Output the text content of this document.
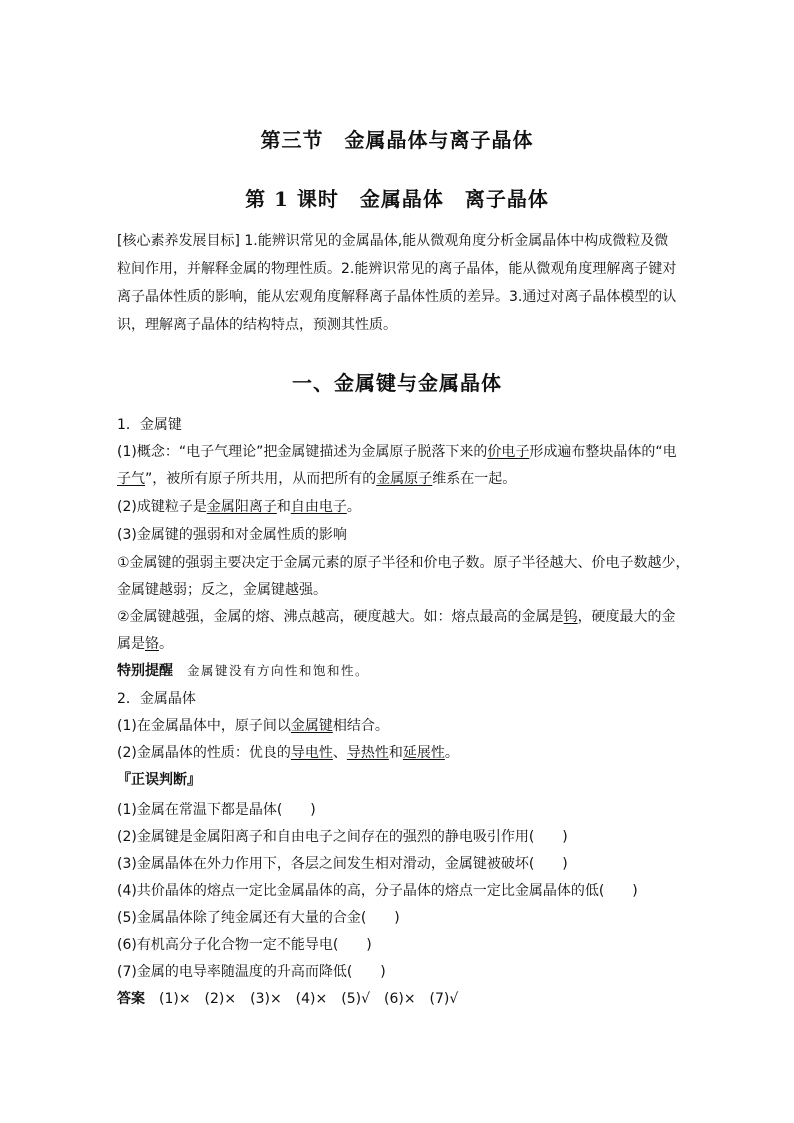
第三节　金属晶体与离子晶体
第 1 课时　金属晶体　离子晶体
[核心素养发展目标] 1.能辨识常见的金属晶体,能从微观角度分析金属晶体中构成微粒及微
粒间作用，并解释金属的物理性质。2.能辨识常见的离子晶体，能从微观角度理解离子键对
离子晶体性质的影响，能从宏观角度解释离子晶体性质的差异。3.通过对离子晶体模型的认
识，理解离子晶体的结构特点，预测其性质。
一、金属键与金属晶体
1．金属键
(1)概念：“电子气理论”把金属键描述为金属原子脱落下来的价电子形成遍布整块晶体的“电
子气”，被所有原子所共用，从而把所有的金属原子维系在一起。
(2)成键粒子是金属阳离子和自由电子。
(3)金属键的强弱和对金属性质的影响
①金属键的强弱主要决定于金属元素的原子半径和价电子数。原子半径越大、价电子数越少，
金属键越弱；反之，金属键越强。
②金属键越强，金属的熔、沸点越高，硬度越大。如：熔点最高的金属是钨，硬度最大的金
属是铬。
特别提醒　金属键没有方向性和饱和性。
2．金属晶体
(1)在金属晶体中，原子间以金属键相结合。
(2)金属晶体的性质：优良的导电性、导热性和延展性。
『正误判断』
(1)金属在常温下都是晶体(　　)
(2)金属键是金属阳离子和自由电子之间存在的强烈的静电吸引作用(　　)
(3)金属晶体在外力作用下，各层之间发生相对滑动，金属键被破坏(　　)
(4)共价晶体的熔点一定比金属晶体的高，分子晶体的熔点一定比金属晶体的低(　　)
(5)金属晶体除了纯金属还有大量的合金(　　)
(6)有机高分子化合物一定不能导电(　　)
(7)金属的电导率随温度的升高而降低(　　)
答案　(1)×　(2)×　(3)×　(4)×　(5)√　(6)×　(7)√
